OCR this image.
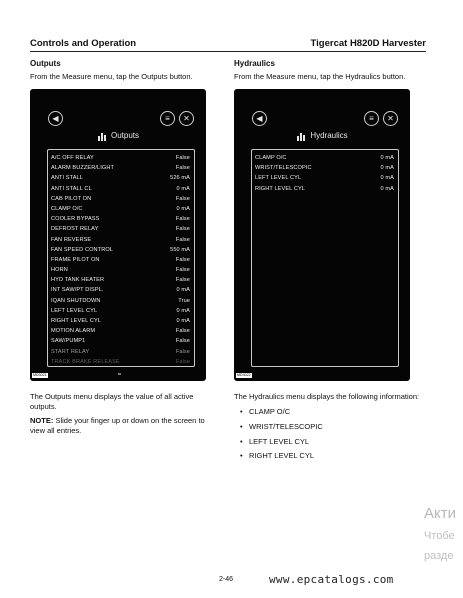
Controls and Operation	Tigercat H820D Harvester

Outputs

From the Measure menu, tap the Outputs button.

Hydraulics

From the Measure menu, tap the Hydraulics button.

◀	≡	✕
Outputs
A/C OFF RELAY	False
ALARM BUZZER/LIGHT	False
ANTI STALL	526 mA
ANTI STALL CL	0 mA
CAB PILOT ON	False
CLAMP O/C	0 mA
COOLER BYPASS	False
DEFROST RELAY	False
FAN REVERSE	False
FAN SPEED CONTROL	550 mA
FRAME PILOT ON	False
HORN	False
HYD TANK HEATER	False
INT SAW/PT DISPL.	0 mA
IQAN SHUTDOWN	True
LEFT LEVEL CYL	0 mA
RIGHT LEVEL CYL	0 mA
MOTION ALARM	False
SAW/PUMP1	False
START RELAY	False
TRACK BRAKE RELEASE	False
MD3021
◀	≡	✕
Hydraulics
CLAMP O/C	0 mA
WRIST/TELESCOPIC	0 mA
LEFT LEVEL CYL	0 mA
RIGHT LEVEL CYL	0 mA
MD3022
The Outputs menu displays the value of all active outputs.
NOTE: Slide your finger up or down on the screen to view all entries.
The Hydraulics menu displays the following information:
• CLAMP O/C
• WRIST/TELESCOPIC
• LEFT LEVEL CYL
• RIGHT LEVEL CYL
2-46	www.epcatalogs.com
Акти
Чтобе
разде
